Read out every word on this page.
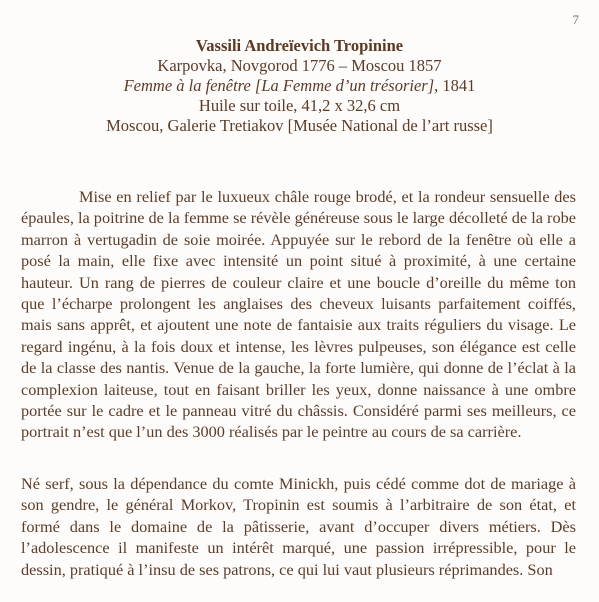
7
Vassili Andreïevich Tropinine
Karpovka, Novgorod 1776 – Moscou 1857
Femme à la fenêtre [La Femme d’un trésorier], 1841
Huile sur toile, 41,2 x 32,6 cm
Moscou, Galerie Tretiakov [Musée National de l’art russe]

Mise en relief par le luxueux châle rouge brodé, et la rondeur sensuelle des épaules, la poitrine de la femme se révèle généreuse sous le large décolleté de la robe marron à vertugadin de soie moirée. Appuyée sur le rebord de la fenêtre où elle a posé la main, elle fixe avec intensité un point situé à proximité, à une certaine hauteur. Un rang de pierres de couleur claire et une boucle d’oreille du même ton que l’écharpe prolongent les anglaises des cheveux luisants parfaitement coiffés, mais sans apprêt, et ajoutent une note de fantaisie aux traits réguliers du visage. Le regard ingénu, à la fois doux et intense, les lèvres pulpeuses, son élégance est celle de la classe des nantis. Venue de la gauche, la forte lumière, qui donne de l’éclat à la complexion laiteuse, tout en faisant briller les yeux, donne naissance à une ombre portée sur le cadre et le panneau vitré du châssis. Considéré parmi ses meilleurs, ce portrait n’est que l’un des 3000 réalisés par le peintre au cours de sa carrière.

Né serf, sous la dépendance du comte Minickh, puis cédé comme dot de mariage à son gendre, le général Morkov, Tropinin est soumis à l’arbitraire de son état, et formé dans le domaine de la pâtisserie, avant d’occuper divers métiers. Dès l’adolescence il manifeste un intérêt marqué, une passion irrépressible, pour le dessin, pratiqué à l’insu de ses patrons, ce qui lui vaut plusieurs réprimandes. Son
